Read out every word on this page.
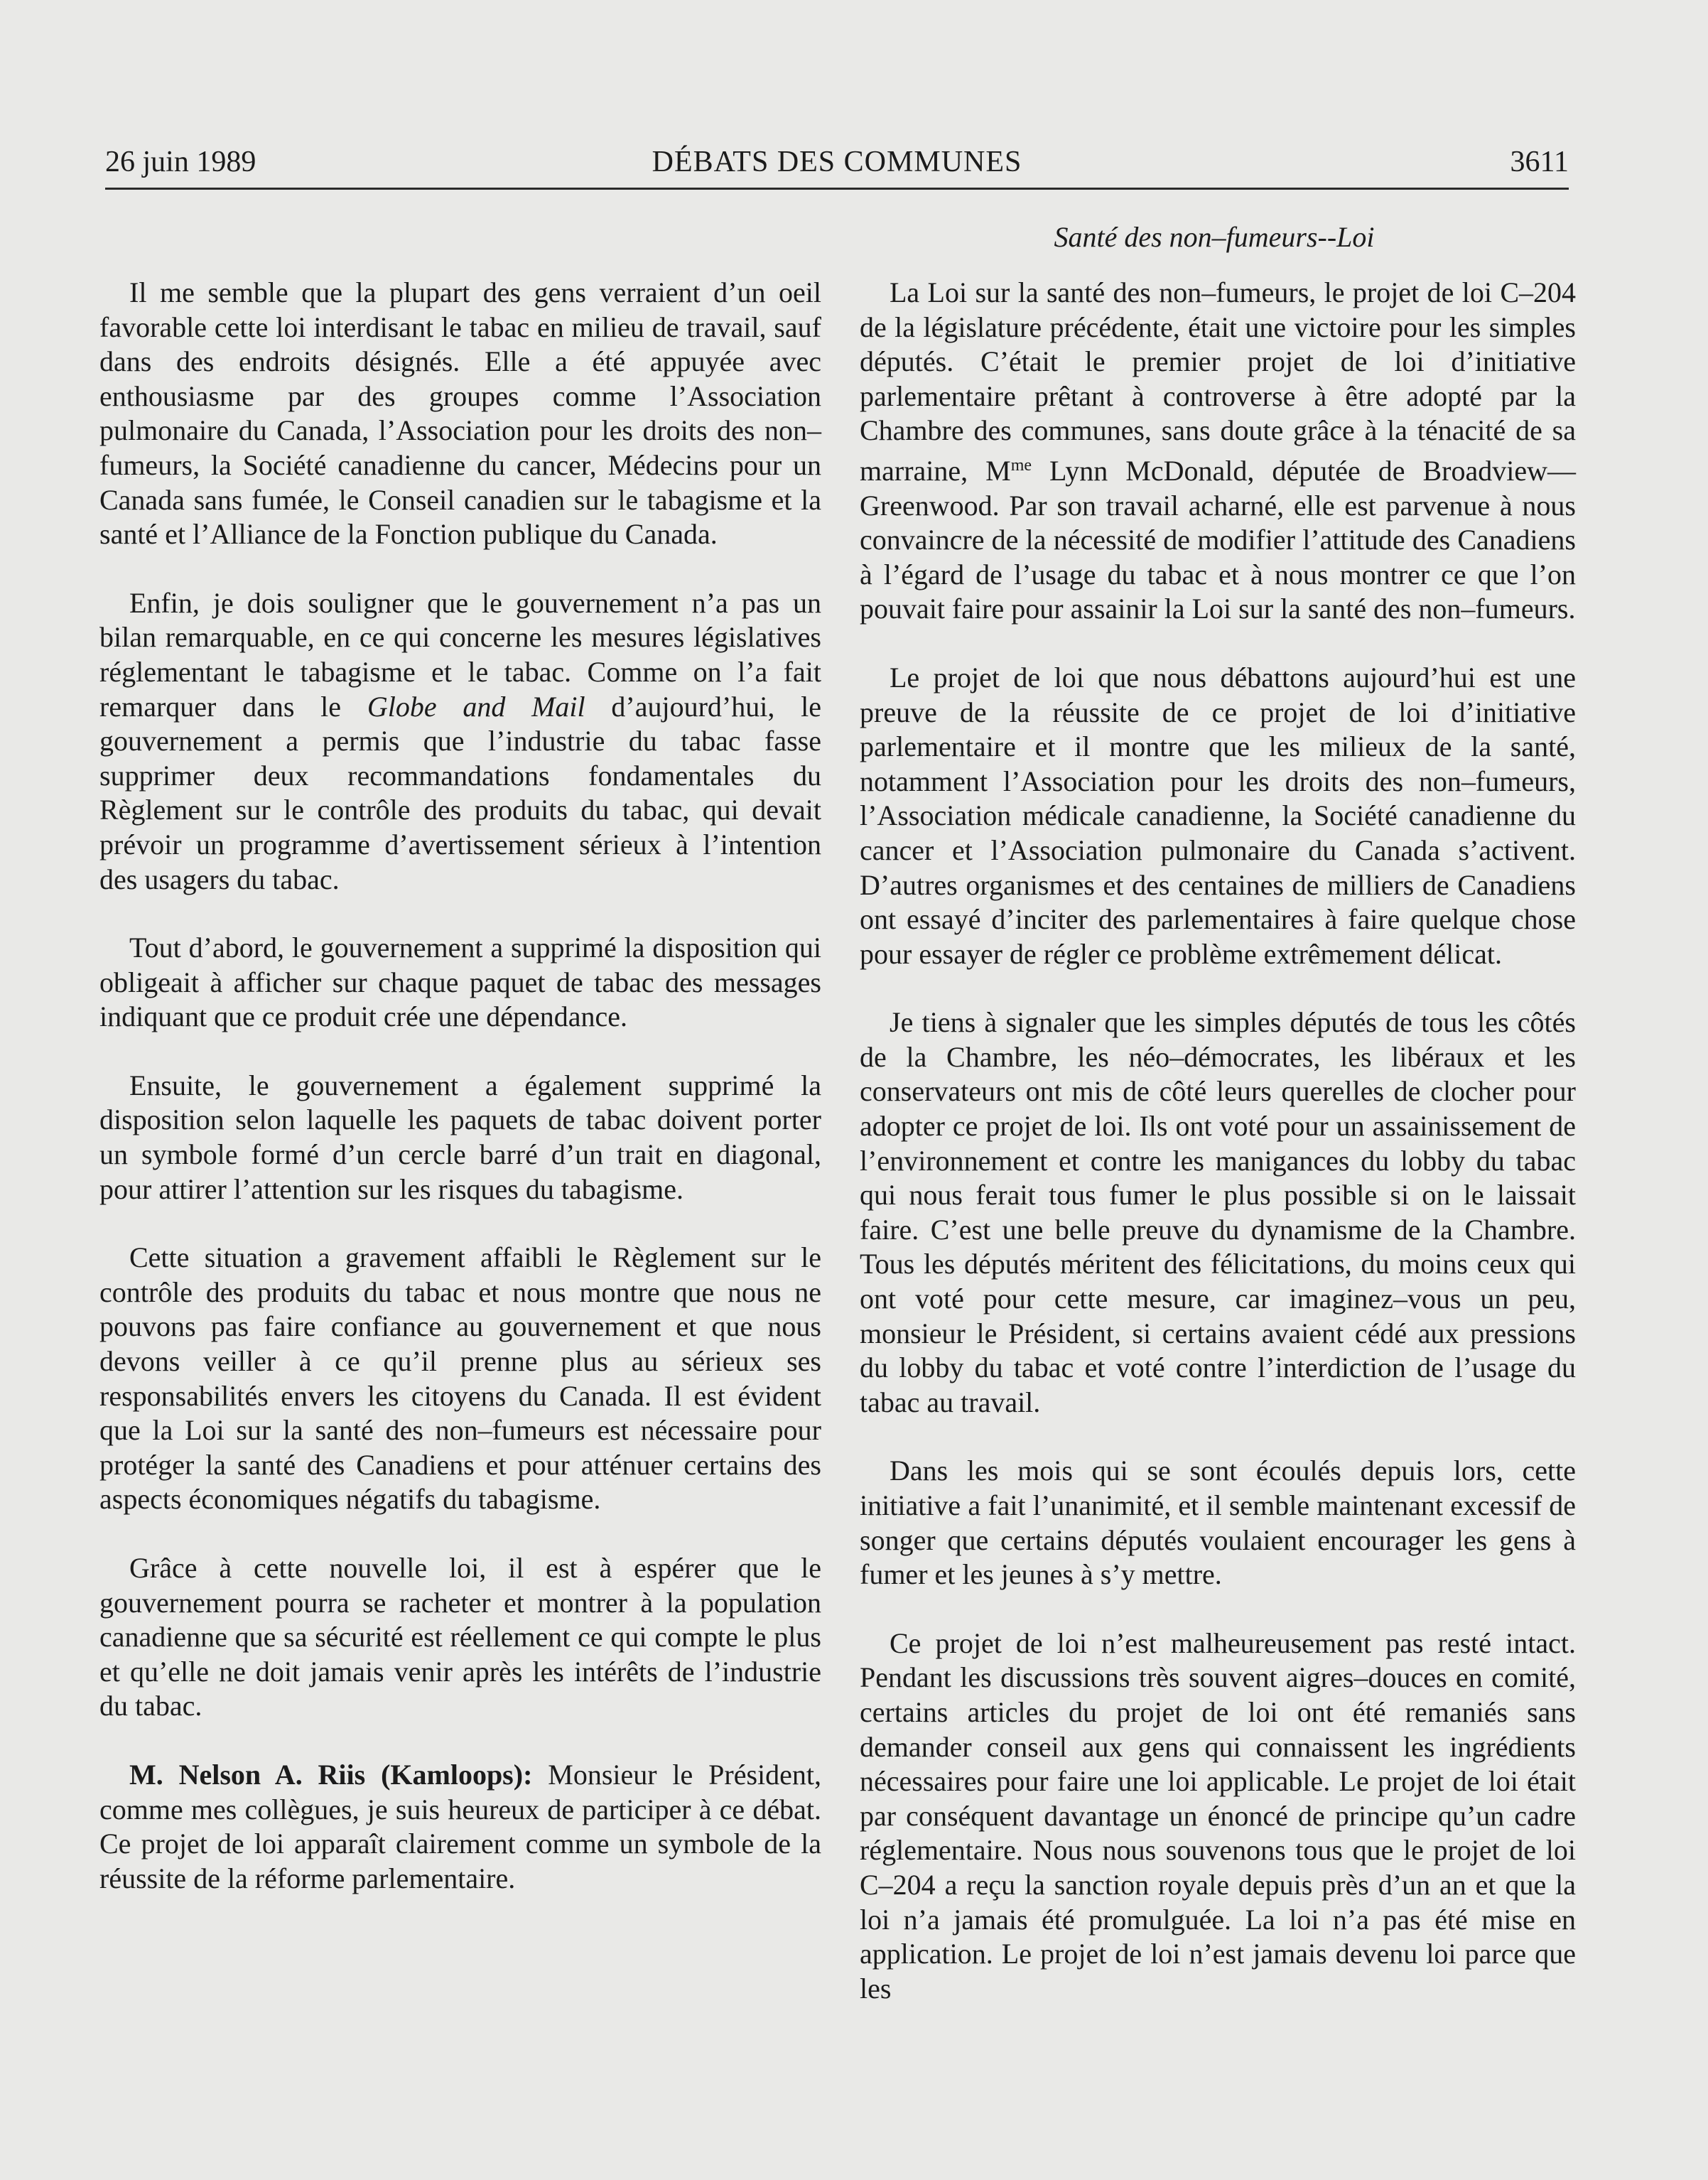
26 juin 1989	DÉBATS DES COMMUNES	3611
Santé des non–fumeurs--Loi

Il me semble que la plupart des gens verraient d’un oeil favorable cette loi interdisant le tabac en milieu de travail, sauf dans des endroits désignés. Elle a été appuyée avec enthousiasme par des groupes comme l’Association pulmonaire du Canada, l’Association pour les droits des non–fumeurs, la Société canadienne du cancer, Médecins pour un Canada sans fumée, le Conseil canadien sur le tabagisme et la santé et l’Alliance de la Fonction publique du Canada.

Enfin, je dois souligner que le gouvernement n’a pas un bilan remarquable, en ce qui concerne les mesures législatives réglementant le tabagisme et le tabac. Comme on l’a fait remarquer dans le Globe and Mail d’aujourd’hui, le gouvernement a permis que l’industrie du tabac fasse supprimer deux recommandations fondamentales du Règlement sur le contrôle des produits du tabac, qui devait prévoir un programme d’avertissement sérieux à l’intention des usagers du tabac.

Tout d’abord, le gouvernement a supprimé la disposition qui obligeait à afficher sur chaque paquet de tabac des messages indiquant que ce produit crée une dépendance.

Ensuite, le gouvernement a également supprimé la disposition selon laquelle les paquets de tabac doivent porter un symbole formé d’un cercle barré d’un trait en diagonal, pour attirer l’attention sur les risques du tabagisme.

Cette situation a gravement affaibli le Règlement sur le contrôle des produits du tabac et nous montre que nous ne pouvons pas faire confiance au gouvernement et que nous devons veiller à ce qu’il prenne plus au sérieux ses responsabilités envers les citoyens du Canada. Il est évident que la Loi sur la santé des non–fumeurs est nécessaire pour protéger la santé des Canadiens et pour atténuer certains des aspects économiques négatifs du tabagisme.

Grâce à cette nouvelle loi, il est à espérer que le gouvernement pourra se racheter et montrer à la population canadienne que sa sécurité est réellement ce qui compte le plus et qu’elle ne doit jamais venir après les intérêts de l’industrie du tabac.

M. Nelson A. Riis (Kamloops): Monsieur le Président, comme mes collègues, je suis heureux de participer à ce débat. Ce projet de loi apparaît clairement comme un symbole de la réussite de la réforme parlementaire.

La Loi sur la santé des non–fumeurs, le projet de loi C–204 de la législature précédente, était une victoire pour les simples députés. C’était le premier projet de loi d’initiative parlementaire prêtant à controverse à être adopté par la Chambre des communes, sans doute grâce à la ténacité de sa marraine, $M^{me}$ Lynn McDonald, députée de Broadview—Greenwood. Par son travail acharné, elle est parvenue à nous convaincre de la nécessité de modifier l’attitude des Canadiens à l’égard de l’usage du tabac et à nous montrer ce que l’on pouvait faire pour assainir la Loi sur la santé des non–fumeurs.

Le projet de loi que nous débattons aujourd’hui est une preuve de la réussite de ce projet de loi d’initiative parlementaire et il montre que les milieux de la santé, notamment l’Association pour les droits des non–fumeurs, l’Association médicale canadienne, la Société canadienne du cancer et l’Association pulmonaire du Canada s’activent. D’autres organismes et des centaines de milliers de Canadiens ont essayé d’inciter des parlementaires à faire quelque chose pour essayer de régler ce problème extrêmement délicat.

Je tiens à signaler que les simples députés de tous les côtés de la Chambre, les néo–démocrates, les libéraux et les conservateurs ont mis de côté leurs querelles de clocher pour adopter ce projet de loi. Ils ont voté pour un assainissement de l’environnement et contre les manigances du lobby du tabac qui nous ferait tous fumer le plus possible si on le laissait faire. C’est une belle preuve du dynamisme de la Chambre. Tous les députés méritent des félicitations, du moins ceux qui ont voté pour cette mesure, car imaginez–vous un peu, monsieur le Président, si certains avaient cédé aux pressions du lobby du tabac et voté contre l’interdiction de l’usage du tabac au travail.

Dans les mois qui se sont écoulés depuis lors, cette initiative a fait l’unanimité, et il semble maintenant excessif de songer que certains députés voulaient encourager les gens à fumer et les jeunes à s’y mettre.

Ce projet de loi n’est malheureusement pas resté intact. Pendant les discussions très souvent aigres–douces en comité, certains articles du projet de loi ont été remaniés sans demander conseil aux gens qui connaissent les ingrédients nécessaires pour faire une loi applicable. Le projet de loi était par conséquent davantage un énoncé de principe qu’un cadre réglementaire. Nous nous souvenons tous que le projet de loi C–204 a reçu la sanction royale depuis près d’un an et que la loi n’a jamais été promulguée. La loi n’a pas été mise en application. Le projet de loi n’est jamais devenu loi parce que les
